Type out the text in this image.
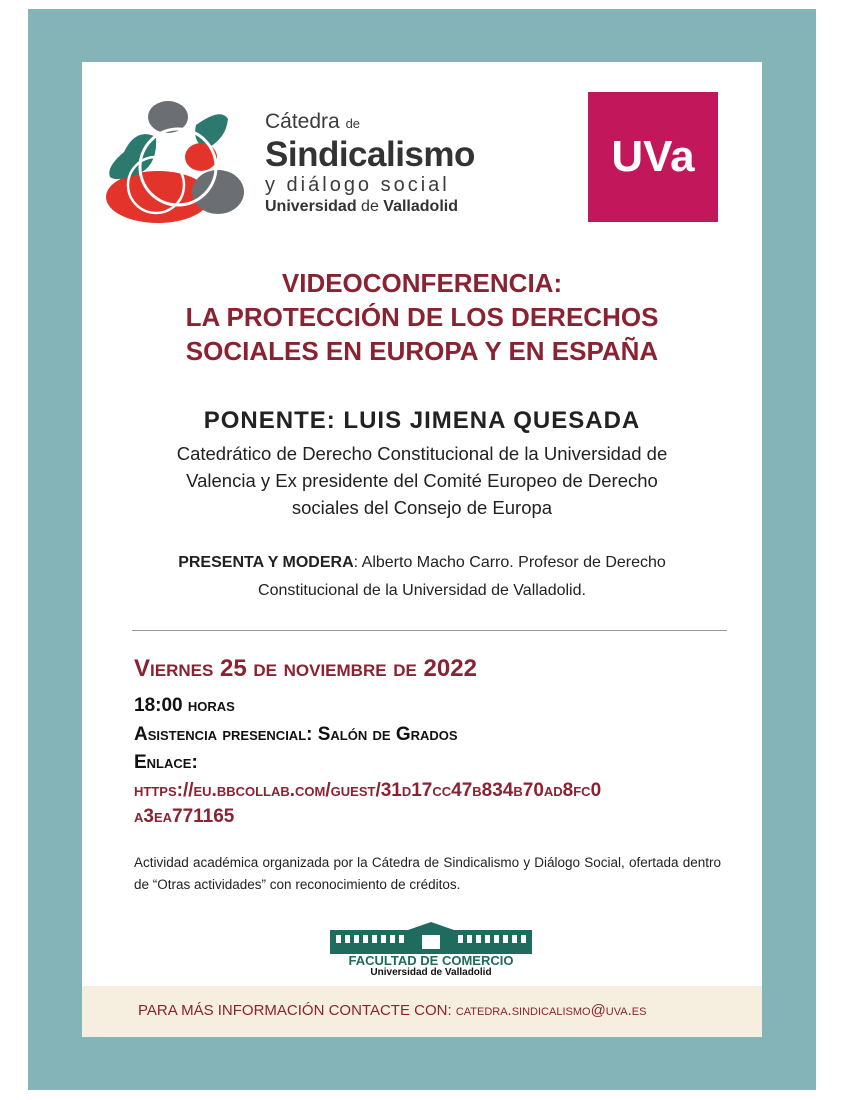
Cátedra de
Sindicalismo
y diálogo social
Universidad de Valladolid
UVa
VIDEOCONFERENCIA:
LA PROTECCIÓN DE LOS DERECHOS
SOCIALES EN EUROPA Y EN ESPAÑA
PONENTE: LUIS JIMENA QUESADA
Catedrático de Derecho Constitucional de la Universidad de
Valencia y Ex presidente del Comité Europeo de Derecho
sociales del Consejo de Europa
PRESENTA Y MODERA: Alberto Macho Carro. Profesor de Derecho
Constitucional de la Universidad de Valladolid.
Viernes 25 de noviembre de 2022
18:00 horas
Asistencia presencial: Salón de Grados
Enlace:
https://eu.bbcollab.com/guest/31d17cc47b834b70ad8fc0
a3ea771165
Actividad académica organizada por la Cátedra de Sindicalismo y Diálogo Social, ofertada dentro de “Otras actividades” con reconocimiento de créditos.
FACULTAD DE COMERCIO
Universidad de Valladolid
PARA MÁS INFORMACIÓN CONTACTE CON: catedra.sindicalismo@uva.es
